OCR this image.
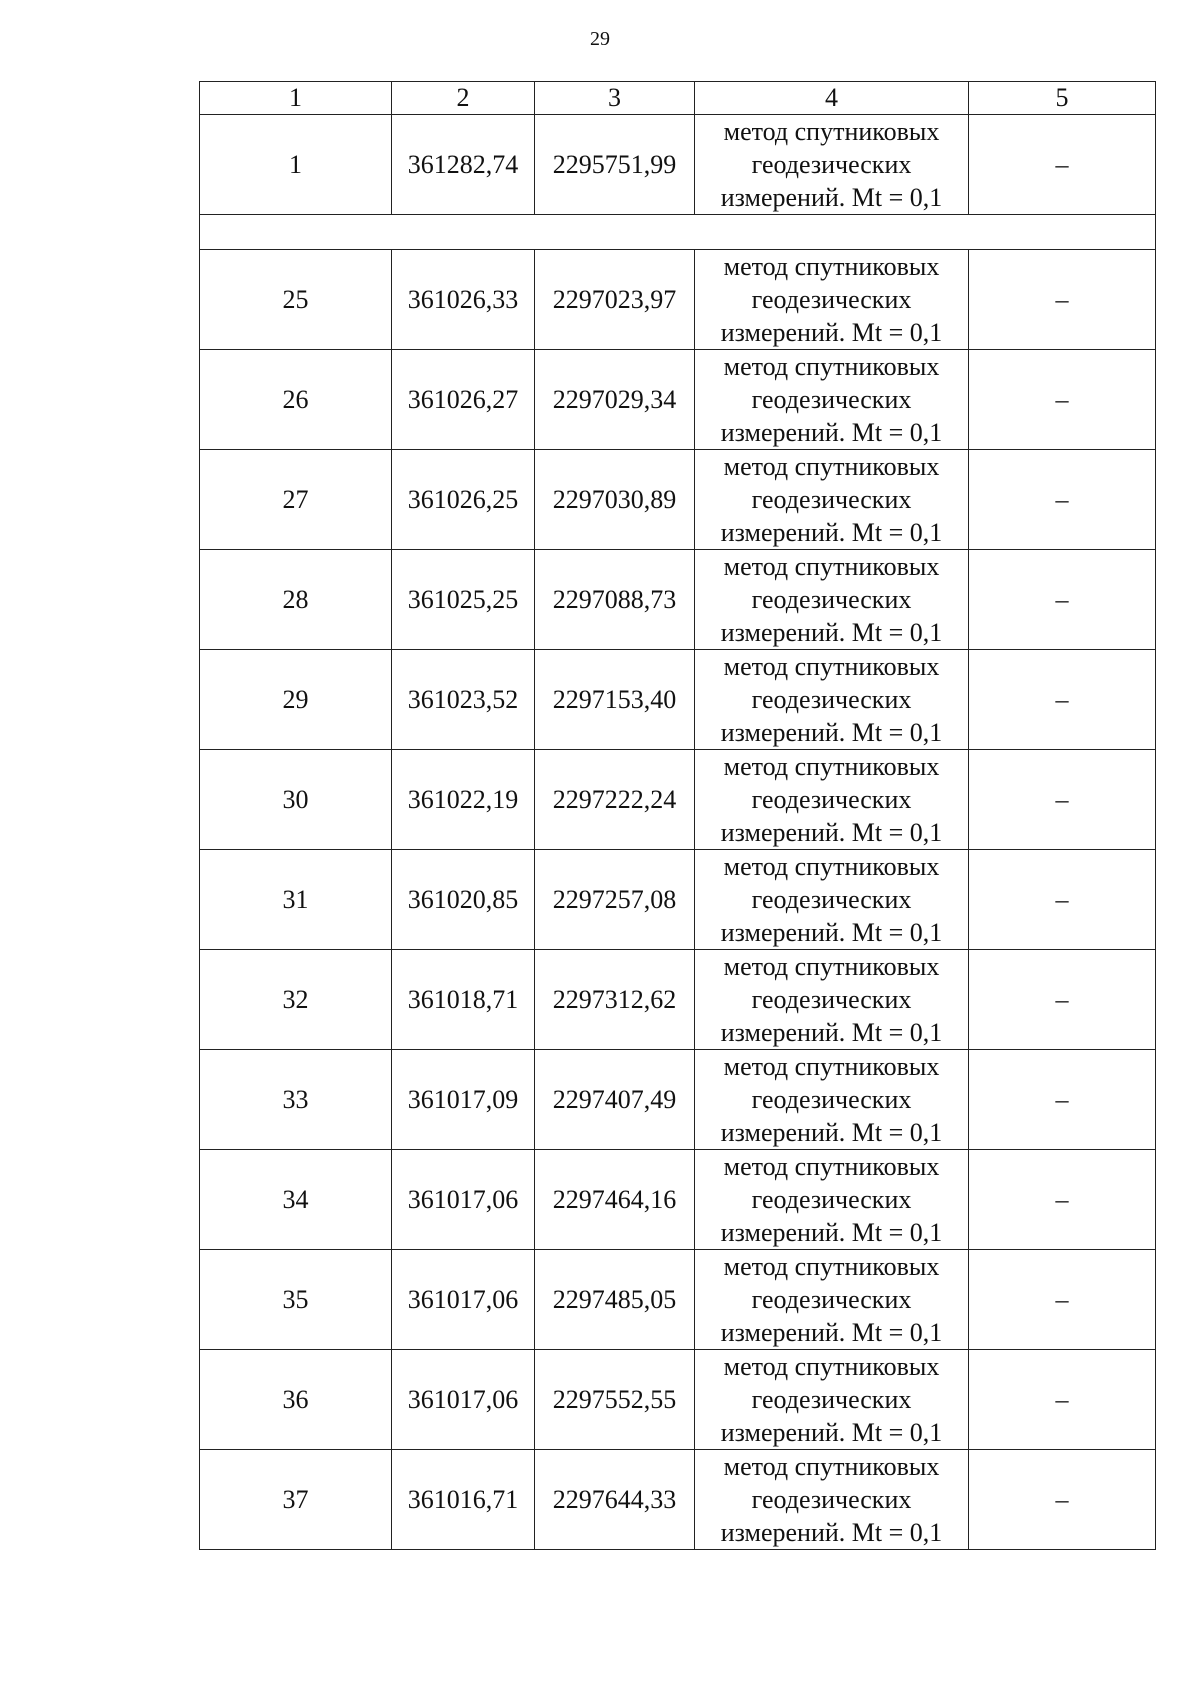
29
1	2	3	4	5
1	361282,74	2295751,99	метод спутниковых
геодезических
измерений. Mt = 0,1	–

25	361026,33	2297023,97	метод спутниковых
геодезических
измерений. Mt = 0,1	–
26	361026,27	2297029,34	метод спутниковых
геодезических
измерений. Mt = 0,1	–
27	361026,25	2297030,89	метод спутниковых
геодезических
измерений. Mt = 0,1	–
28	361025,25	2297088,73	метод спутниковых
геодезических
измерений. Mt = 0,1	–
29	361023,52	2297153,40	метод спутниковых
геодезических
измерений. Mt = 0,1	–
30	361022,19	2297222,24	метод спутниковых
геодезических
измерений. Mt = 0,1	–
31	361020,85	2297257,08	метод спутниковых
геодезических
измерений. Mt = 0,1	–
32	361018,71	2297312,62	метод спутниковых
геодезических
измерений. Mt = 0,1	–
33	361017,09	2297407,49	метод спутниковых
геодезических
измерений. Mt = 0,1	–
34	361017,06	2297464,16	метод спутниковых
геодезических
измерений. Mt = 0,1	–
35	361017,06	2297485,05	метод спутниковых
геодезических
измерений. Mt = 0,1	–
36	361017,06	2297552,55	метод спутниковых
геодезических
измерений. Mt = 0,1	–
37	361016,71	2297644,33	метод спутниковых
геодезических
измерений. Mt = 0,1	–
